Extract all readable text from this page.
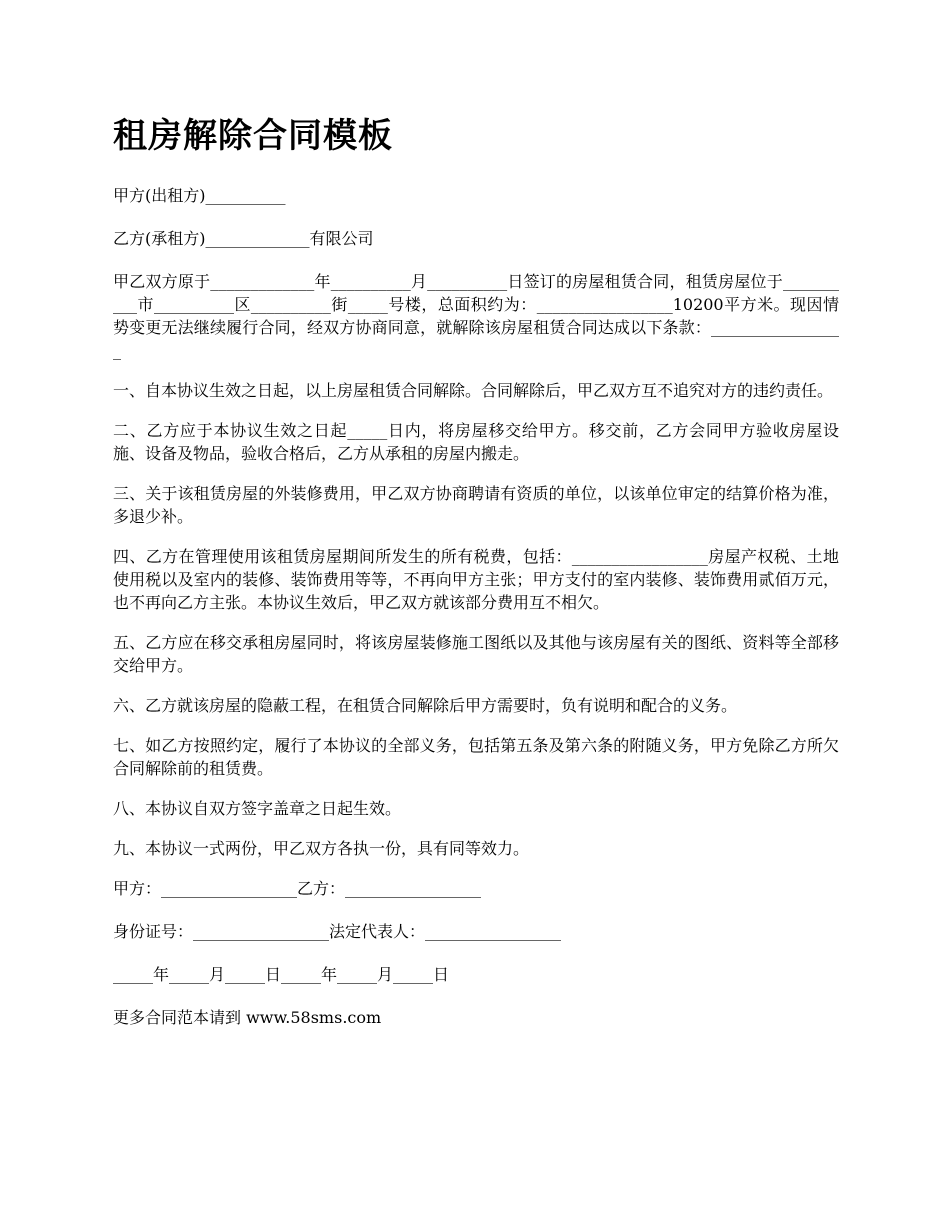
租房解除合同模板

甲方(出租方)__________

乙方(承租方)_____________有限公司

甲乙双方原于_____________年__________月__________日签订的房屋租赁合同，租赁房屋位于__________市__________区__________街_____号楼，总面积约为：_________________10200平方米。现因情势变更无法继续履行合同，经双方协商同意，就解除该房屋租赁合同达成以下条款：_________________

一、自本协议生效之日起，以上房屋租赁合同解除。合同解除后，甲乙双方互不追究对方的违约责任。

二、乙方应于本协议生效之日起_____日内，将房屋移交给甲方。移交前，乙方会同甲方验收房屋设施、设备及物品，验收合格后，乙方从承租的房屋内搬走。

三、关于该租赁房屋的外装修费用，甲乙双方协商聘请有资质的单位，以该单位审定的结算价格为准，多退少补。

四、乙方在管理使用该租赁房屋期间所发生的所有税费，包括：_________________房屋产权税、土地使用税以及室内的装修、装饰费用等等，不再向甲方主张；甲方支付的室内装修、装饰费用贰佰万元，也不再向乙方主张。本协议生效后，甲乙双方就该部分费用互不相欠。

五、乙方应在移交承租房屋同时，将该房屋装修施工图纸以及其他与该房屋有关的图纸、资料等全部移交给甲方。

六、乙方就该房屋的隐蔽工程，在租赁合同解除后甲方需要时，负有说明和配合的义务。

七、如乙方按照约定，履行了本协议的全部义务，包括第五条及第六条的附随义务，甲方免除乙方所欠合同解除前的租赁费。

八、本协议自双方签字盖章之日起生效。

九、本协议一式两份，甲乙双方各执一份，具有同等效力。

甲方：_________________乙方：_________________

身份证号：_________________法定代表人：_________________

_____年_____月_____日_____年_____月_____日

更多合同范本请到 www.58sms.com
